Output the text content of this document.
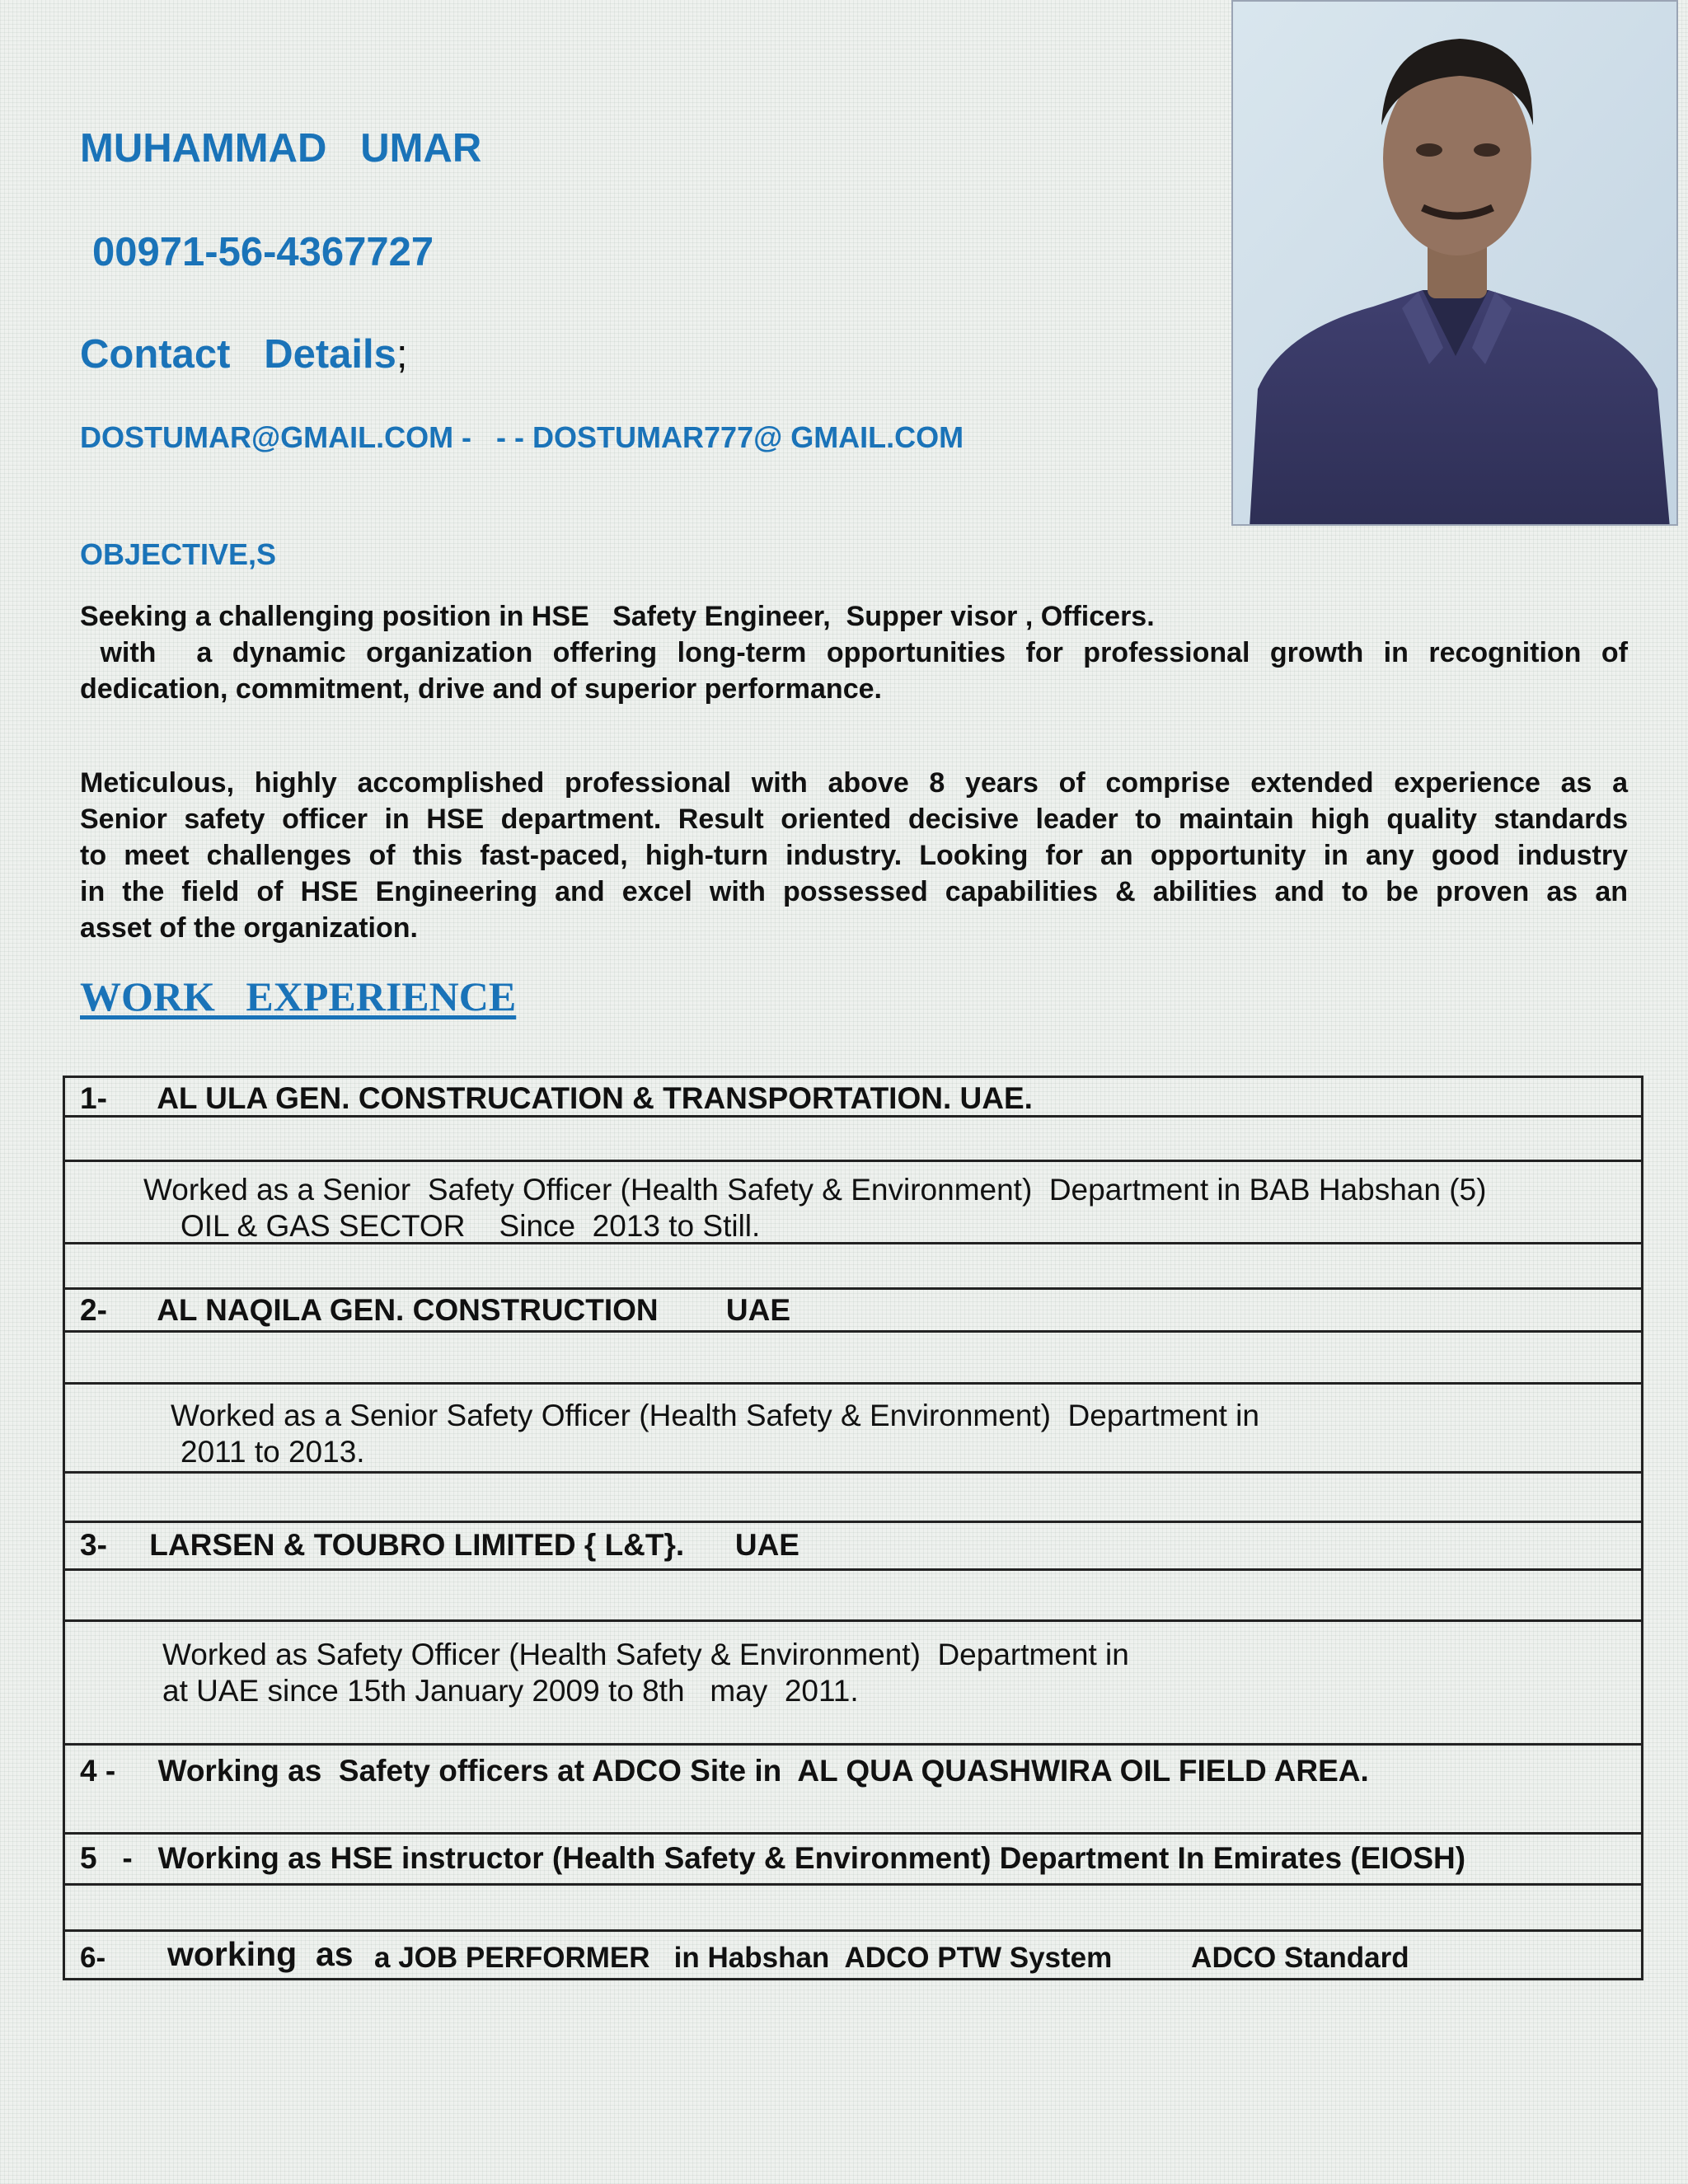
MUHAMMAD   UMAR
00971-56-4367727
Contact   Details;
DOSTUMAR@GMAIL.COM -   - - DOSTUMAR777@ GMAIL.COM
OBJECTIVE,S
Seeking a challenging position in HSE   Safety Engineer,  Supper visor , Officers.
with  a dynamic organization offering long-term opportunities for professional growth in recognition of
dedication, commitment, drive and of superior performance.
Meticulous, highly accomplished professional with above 8 years of comprise extended experience as a
Senior safety officer in HSE department. Result oriented decisive leader to maintain high quality standards
to meet challenges of this fast-paced, high-turn industry. Looking for an opportunity in any good industry
in the field of HSE Engineering and excel with possessed capabilities & abilities and to be proven as an
asset of the organization.
WORK   EXPERIENCE
1-      AL ULA GEN. CONSTRUCATION & TRANSPORTATION. UAE.
Worked as a Senior  Safety Officer (Health Safety & Environment)  Department in BAB Habshan (5)
OIL & GAS SECTOR    Since  2013 to Still.
2-      AL NAQILA GEN. CONSTRUCTION        UAE
Worked as a Senior Safety Officer (Health Safety & Environment)  Department in
2011 to 2013.
3-     LARSEN & TOUBRO LIMITED { L&T}.      UAE
Worked as Safety Officer (Health Safety & Environment)  Department in
at UAE since 15th January 2009 to 8th   may  2011.
4 -     Working as  Safety officers at ADCO Site in  AL QUA QUASHWIRA OIL FIELD AREA.
5   -   Working as HSE instructor (Health Safety & Environment) Department In Emirates (EIOSH)
6- working  as a JOB PERFORMER   in Habshan  ADCO PTW System          ADCO Standard
